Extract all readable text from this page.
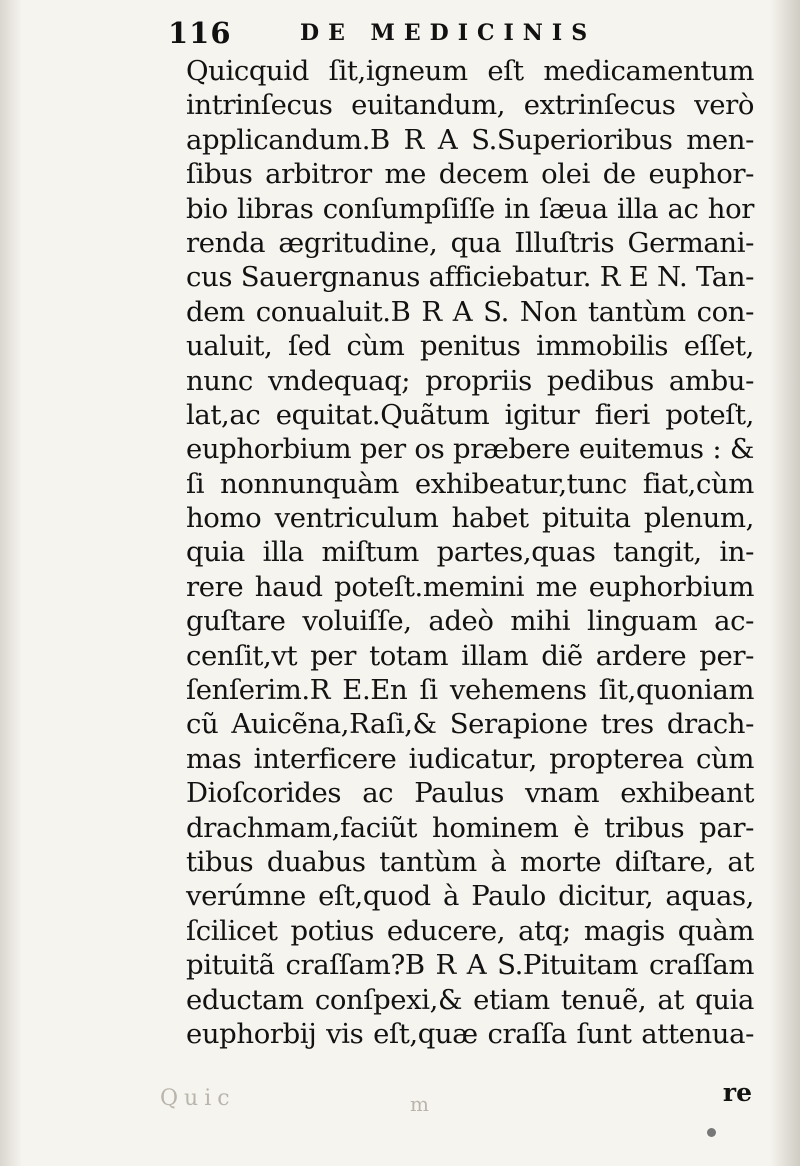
116	DE MEDICINIS
Quicquid ſit,igneum eſt medicamentum
intrinſecus euitandum, extrinſecus verò
applicandum.B R A S.Superioribus men-
ſibus arbitror me decem olei de euphor-
bio libras conſumpſiſſe in ſæua illa ac hor
renda ægritudine, qua Illuſtris Germani-
cus Sauergnanus afficiebatur. R E N. Tan-
dem conualuit.B R A S. Non tantùm con-
ualuit, ſed cùm penitus immobilis eſſet,
nunc vndequaq; propriis pedibus ambu-
lat,ac equitat.Quãtum igitur fieri poteſt,
euphorbium per os præbere euitemus : &
ſi nonnunquàm exhibeatur,tunc fiat,cùm
homo ventriculum habet pituita plenum,
quia illa miſtum partes,quas tangit, in-
rere haud poteſt.memini me euphorbium
guſtare voluiſſe, adeò mihi linguam ac-
cenſit,vt per totam illam diẽ ardere per-
ſenſerim.R E.En ſi vehemens ſit,quoniam
cũ Auicẽna,Raſi,& Serapione tres drach-
mas interficere iudicatur, propterea cùm
Dioſcorides ac Paulus vnam exhibeant
drachmam,faciũt hominem è tribus par-
tibus duabus tantùm à morte diſtare, at
verúmne eſt,quod à Paulo dicitur, aquas,
ſcilicet potius educere, atq; magis quàm
pituitã craſſam?B R A S.Pituitam craſſam
eductam conſpexi,& etiam tenuẽ, at quia
euphorbij vis eſt,quæ craſſa ſunt attenua-
Quic	m	re
